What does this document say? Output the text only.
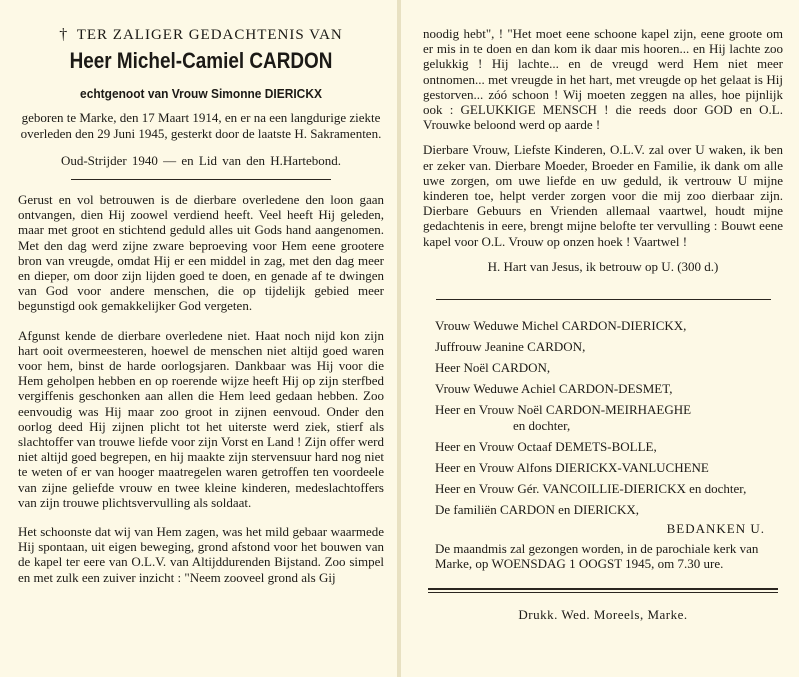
† TER ZALIGER GEDACHTENIS VAN

Heer Michel-Camiel CARDON
echtgenoot van Vrouw Simonne DIERICKX

geboren te Marke, den 17 Maart 1914, en er na een langdurige ziekte overleden den 29 Juni 1945, gesterkt door de laatste H. Sakramenten.

Oud-Strijder 1940 — en Lid van den H.Hartebond.

Gerust en vol betrouwen is de dierbare overledene den loon gaan ontvangen, dien Hij zoowel verdiend heeft. Veel heeft Hij geleden, maar met groot en stichtend geduld alles uit Gods hand aangenomen. Met den dag werd zijne zware beproeving voor Hem eene grootere bron van vreugde, omdat Hij er een middel in zag, met den dag meer en dieper, om door zijn lijden goed te doen, en genade af te dwingen van God voor andere menschen, die op tijdelijk gebied meer begunstigd ook gemakkelijker God vergeten.

Afgunst kende de dierbare overledene niet. Haat noch nijd kon zijn hart ooit overmeesteren, hoewel de menschen niet altijd goed waren voor hem, binst de harde oorlogsjaren. Dankbaar was Hij voor die Hem geholpen hebben en op roerende wijze heeft Hij op zijn sterfbed vergiffenis geschonken aan allen die Hem leed gedaan hebben. Zoo eenvoudig was Hij maar zoo groot in zijnen eenvoud. Onder den oorlog deed Hij zijnen plicht tot het uiterste werd ziek, stierf als slachtoffer van trouwe liefde voor zijn Vorst en Land ! Zijn offer werd niet altijd goed begrepen, en hij maakte zijn stervensuur hard nog niet te weten of er van hooger maatregelen waren getroffen ten voordeele van zijne geliefde vrouw en twee kleine kinderen, medeslachtoffers van zijn trouwe plichtsvervulling als soldaat.

Het schoonste dat wij van Hem zagen, was het mild gebaar waarmede Hij spontaan, uit eigen beweging, grond afstond voor het bouwen van de kapel ter eere van O.L.V. van Altijddurenden Bijstand. Zoo simpel en met zulk een zuiver inzicht : "Neem zooveel grond als Gij

noodig hebt", ! "Het moet eene schoone kapel zijn, eene groote om er mis in te doen en dan kom ik daar mis hooren... en Hij lachte zoo gelukkig ! Hij lachte... en de vreugd werd Hem niet meer ontnomen... met vreugde in het hart, met vreugde op het gelaat is Hij gestorven... zóó schoon ! Wij moeten zeggen na alles, hoe pijnlijk ook : GELUKKIGE MENSCH ! die reeds door GOD en O.L. Vrouwke beloond werd op aarde !

Dierbare Vrouw, Liefste Kinderen, O.L.V. zal over U waken, ik ben er zeker van. Dierbare Moeder, Broeder en Familie, ik dank om alle uwe zorgen, om uwe liefde en uw geduld, ik vertrouw U mijne kinderen toe, helpt verder zorgen voor die mij zoo dierbaar zijn. Dierbare Gebuurs en Vrienden allemaal vaartwel, houdt mijne gedachtenis in eere, brengt mijne belofte ter vervulling : Bouwt eene kapel voor O.L. Vrouw op onzen hoek ! Vaartwel !

H. Hart van Jesus, ik betrouw op U. (300 d.)

Vrouw Weduwe Michel CARDON-DIERICKX,
Juffrouw Jeanine CARDON,
Heer Noël CARDON,
Vrouw Weduwe Achiel CARDON-DESMET,
Heer en Vrouw Noël CARDON-MEIRHAEGHE
en dochter,
Heer en Vrouw Octaaf DEMETS-BOLLE,
Heer en Vrouw Alfons DIERICKX-VANLUCHENE
Heer en Vrouw Gér. VANCOILLIE-DIERICKX en dochter,
De familiën CARDON en DIERICKX,

BEDANKEN U.

De maandmis zal gezongen worden, in de parochiale kerk van Marke, op WOENSDAG 1 OOGST 1945, om 7.30 ure.

Drukk. Wed. Moreels, Marke.
